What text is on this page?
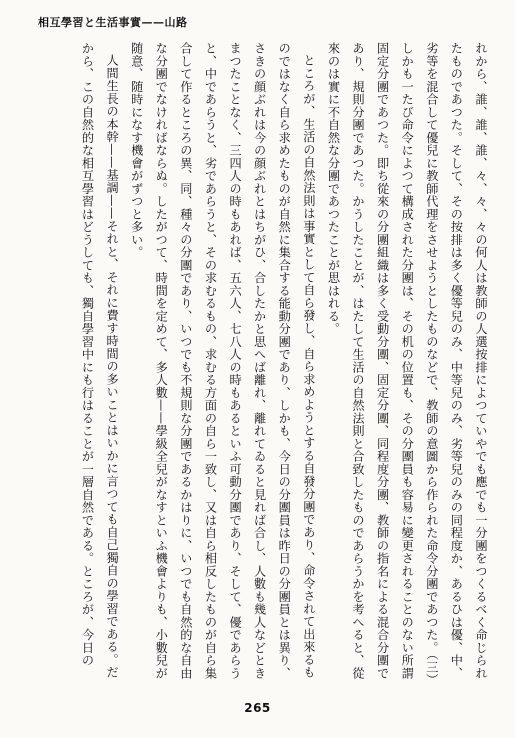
相互學習と生活事實——山路

れから、誰、誰、誰、々、々、々の何人は教師の人選按排によつていやでも應でも一分團をつくるべく命じられたものであつた。そして、その按排は多く優等兒のみ、中等兒のみ、劣等兒のみの同程度か、あるひは優、中、劣等を混合して優兒に教師代理をさせようとしたものなどで、教師の意圖から作られた命令分團であつた。（三）しかも一たび命令によつて構成された分團は、その机の位置も、その分團員も容易に變更されることのない所謂固定分團であつた。即ち從來の分團組織は多く受動分團、固定分團、同程度分團、教師の指名による混合分團であり、規則分團であつた。かうしたことが、はたして生活の自然法則と合致したものであらうかを考へると、從來のは實に不自然な分團であつたことが思はれる。

ところが、生活の自然法則は事實として自ら發し、自ら求めようとする自發分團であり、命令されて出來るものではなく自ら求めたものが自然に集合する能動分團であり、しかも、今日の分團員は昨日の分團員とは異り、さきの顔ぶれは今の顔ぶれとはちがひ、合したかと思へば離れ、離れてゐると見れば合し、人數も幾人などときまつたことなく、三四人の時もあれば、五六人、七八人の時もあるといふ可動分團であり、そして、優であらうと、中であらうと、劣であらうと、その求むるもの、求むる方面の自ら一致し、又は自ら相反したものが自ら集合して作るところの異、同、種々の分團であり、いつでも不規則な分團であるかはりに、いつでも自然的な自由な分團でなければならぬ。したがつて、時間を定めて、多人數——學級全兒がなすといふ機會よりも、小數兒が随意、随時になす機會がずつと多い。

人間生長の本幹——基調——それと、それに費す時間の多いことはいかに言つても自己獨自の學習である。だから、この自然的な相互學習はどうしても、獨自學習中にも行はることが一層自然である。ところが、今日の

265
